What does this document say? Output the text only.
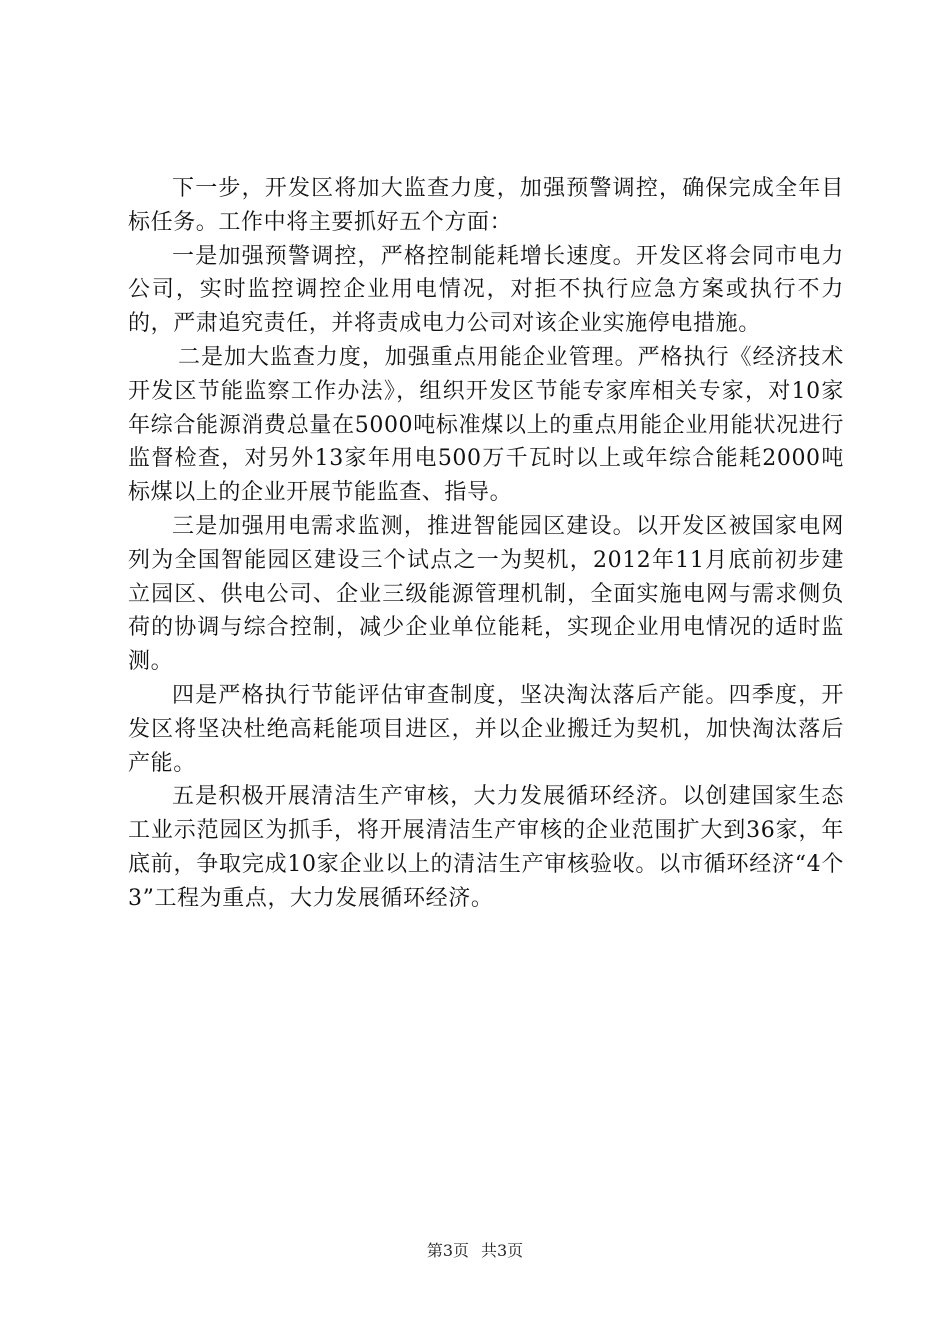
下一步，开发区将加大监查力度，加强预警调控，确保完成全年目标任务。工作中将主要抓好五个方面：

一是加强预警调控，严格控制能耗增长速度。开发区将会同市电力公司，实时监控调控企业用电情况，对拒不执行应急方案或执行不力的，严肃追究责任，并将责成电力公司对该企业实施停电措施。

二是加大监查力度，加强重点用能企业管理。严格执行《经济技术开发区节能监察工作办法》，组织开发区节能专家库相关专家，对10家年综合能源消费总量在5000吨标准煤以上的重点用能企业用能状况进行监督检查，对另外13家年用电500万千瓦时以上或年综合能耗2000吨标煤以上的企业开展节能监查、指导。

三是加强用电需求监测，推进智能园区建设。以开发区被国家电网列为全国智能园区建设三个试点之一为契机，2012年11月底前初步建立园区、供电公司、企业三级能源管理机制，全面实施电网与需求侧负荷的协调与综合控制，减少企业单位能耗，实现企业用电情况的适时监测。

四是严格执行节能评估审查制度，坚决淘汰落后产能。四季度，开发区将坚决杜绝高耗能项目进区，并以企业搬迁为契机，加快淘汰落后产能。

五是积极开展清洁生产审核，大力发展循环经济。以创建国家生态工业示范园区为抓手，将开展清洁生产审核的企业范围扩大到36家，年底前，争取完成10家企业以上的清洁生产审核验收。以市循环经济“4个3”工程为重点，大力发展循环经济。

第3页 共3页
